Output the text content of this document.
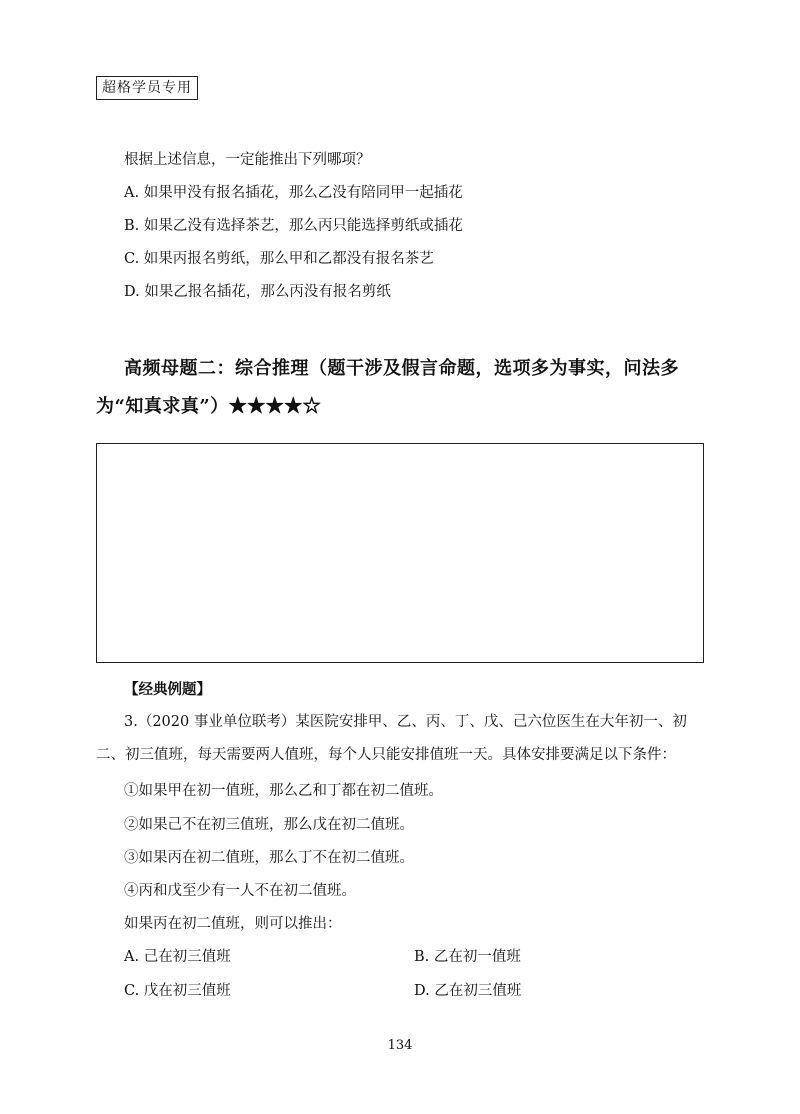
超格学员专用
根据上述信息，一定能推出下列哪项？
A. 如果甲没有报名插花，那么乙没有陪同甲一起插花
B. 如果乙没有选择茶艺，那么丙只能选择剪纸或插花
C. 如果丙报名剪纸，那么甲和乙都没有报名茶艺
D. 如果乙报名插花，那么丙没有报名剪纸
高频母题二：综合推理（题干涉及假言命题，选项多为事实，问法多为“知真求真”）★★★★☆
【经典例题】
3.（2020 事业单位联考）某医院安排甲、乙、丙、丁、戊、己六位医生在大年初一、初二、初三值班，每天需要两人值班，每个人只能安排值班一天。具体安排要满足以下条件：
①如果甲在初一值班，那么乙和丁都在初二值班。
②如果己不在初三值班，那么戊在初二值班。
③如果丙在初二值班，那么丁不在初二值班。
④丙和戊至少有一人不在初二值班。
如果丙在初二值班，则可以推出：
A. 己在初三值班	B. 乙在初一值班
C. 戊在初三值班	D. 乙在初三值班
134
